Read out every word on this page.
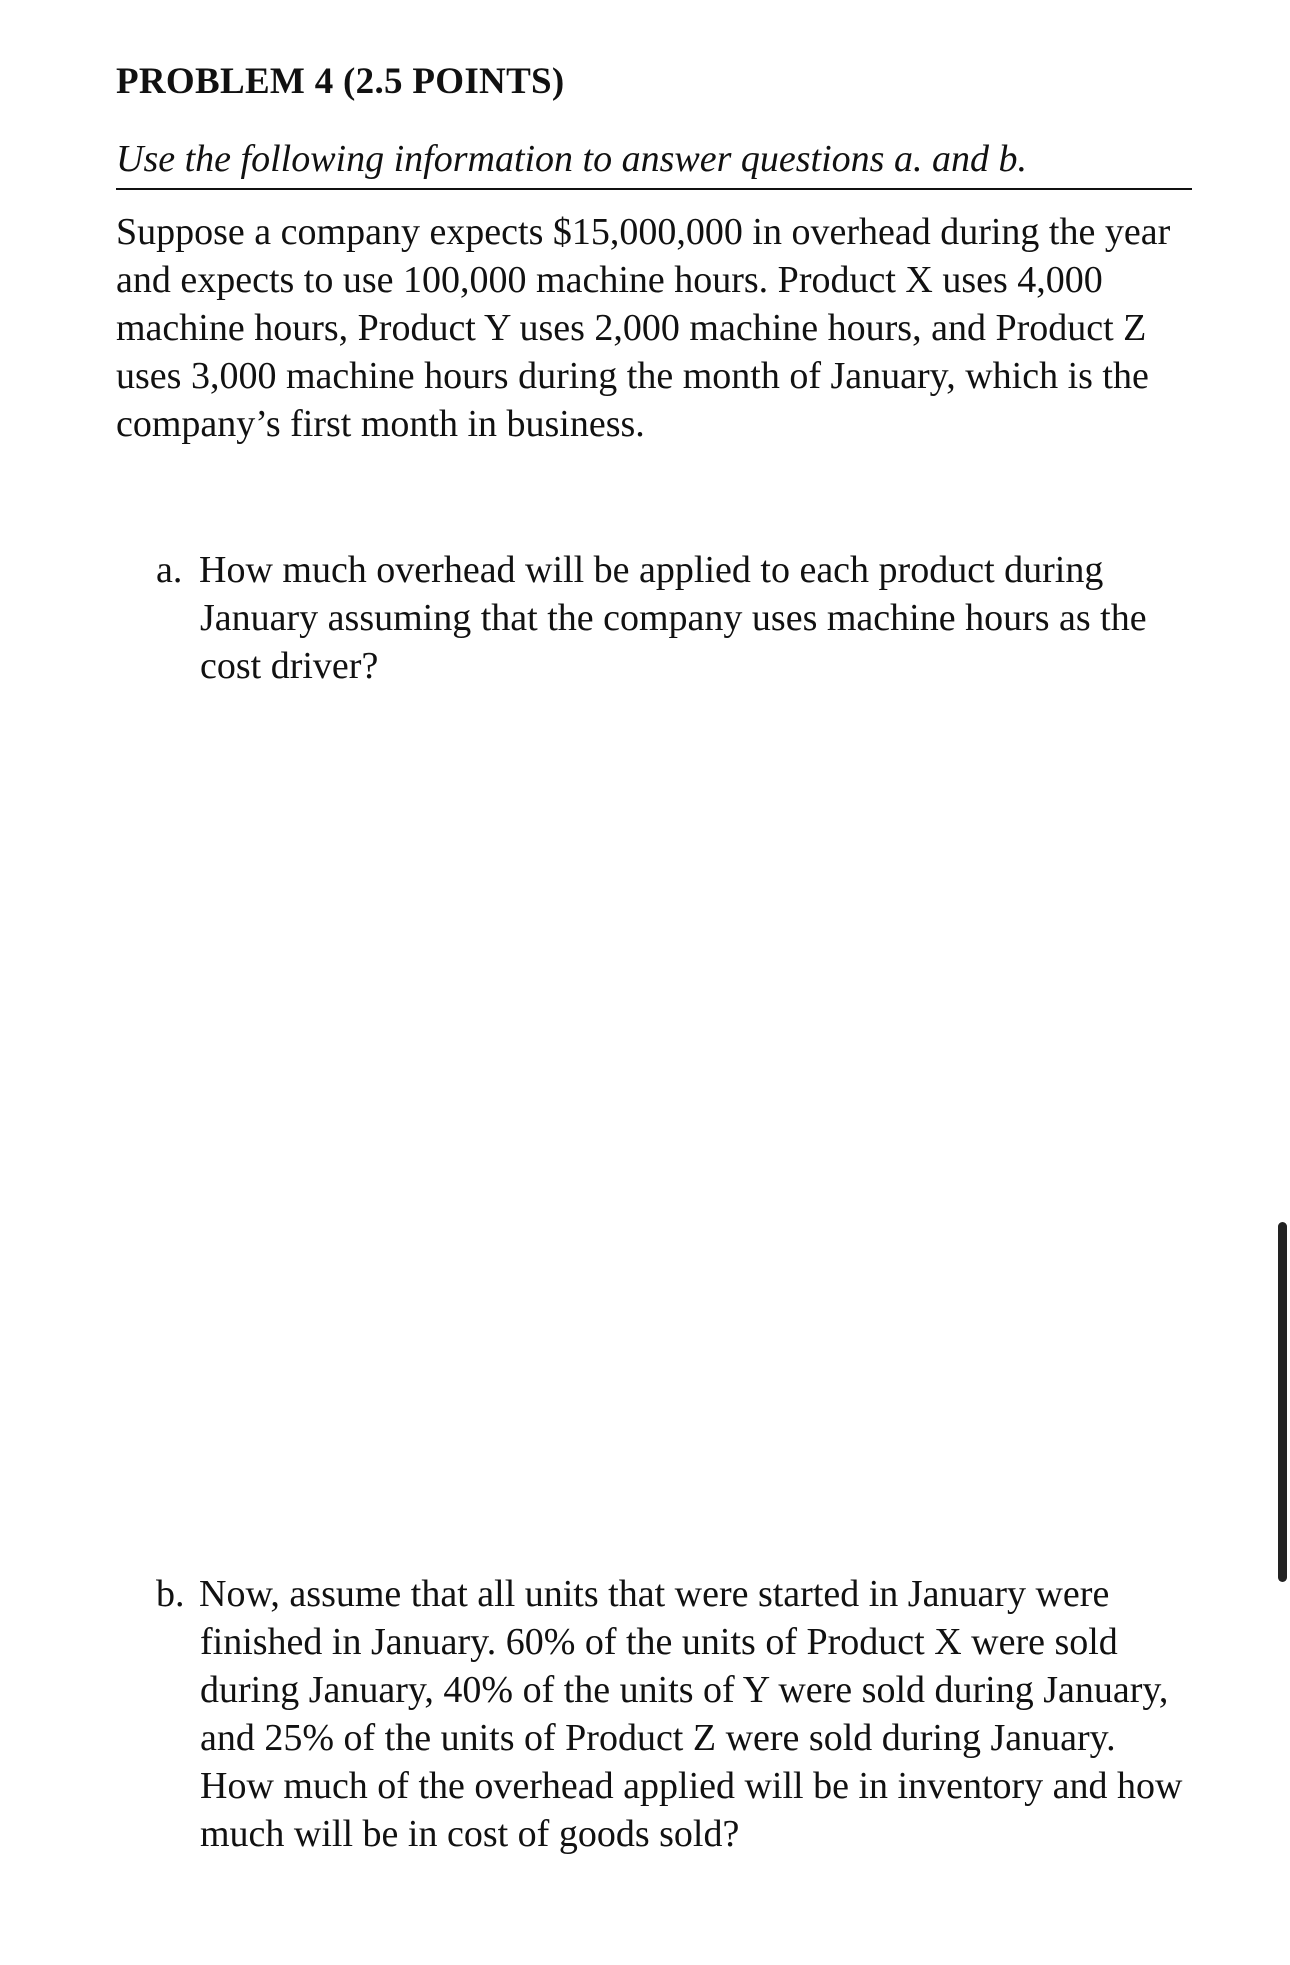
PROBLEM 4 (2.5 POINTS)
Use the following information to answer questions a. and b.

Suppose a company expects $15,000,000 in overhead during the year and expects to use 100,000 machine hours. Product X uses 4,000 machine hours, Product Y uses 2,000 machine hours, and Product Z uses 3,000 machine hours during the month of January, which is the company’s first month in business.

a. How much overhead will be applied to each product during January assuming that the company uses machine hours as the cost driver?
b. Now, assume that all units that were started in January were finished in January. 60% of the units of Product X were sold during January, 40% of the units of Y were sold during January, and 25% of the units of Product Z were sold during January. How much of the overhead applied will be in inventory and how much will be in cost of goods sold?
